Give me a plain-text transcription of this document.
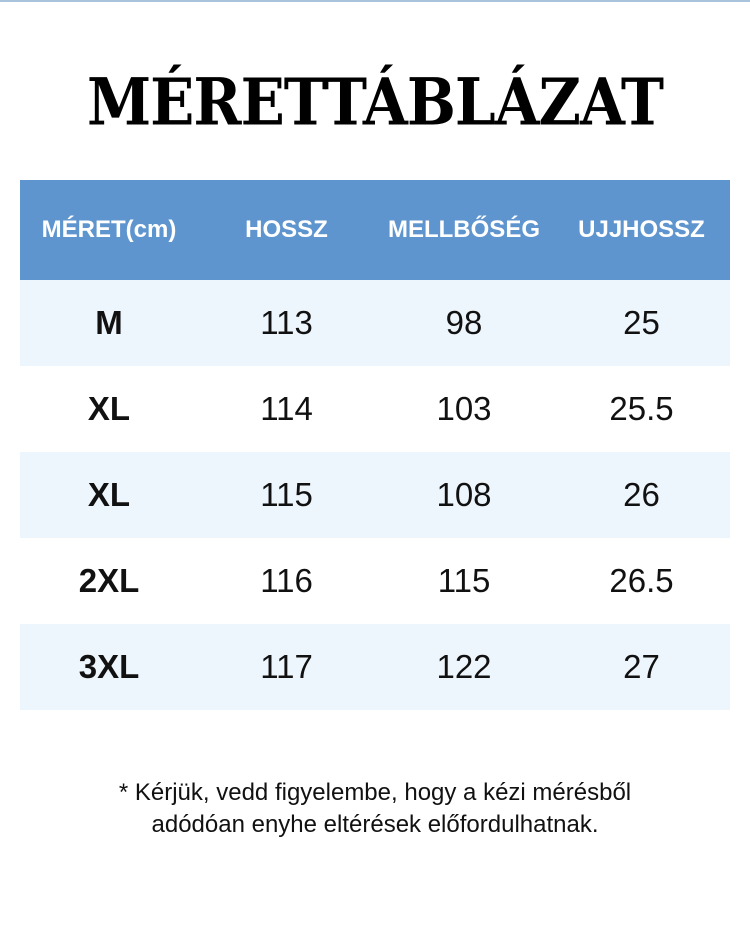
MÉRETTÁBLÁZAT
MÉRET(cm)	HOSSZ	MELLBŐSÉG	UJJHOSSZ
M	113	98	25
XL	114	103	25.5
XL	115	108	26
2XL	116	115	26.5
3XL	117	122	27
* Kérjük, vedd figyelembe, hogy a kézi mérésből
adódóan enyhe eltérések előfordulhatnak.
